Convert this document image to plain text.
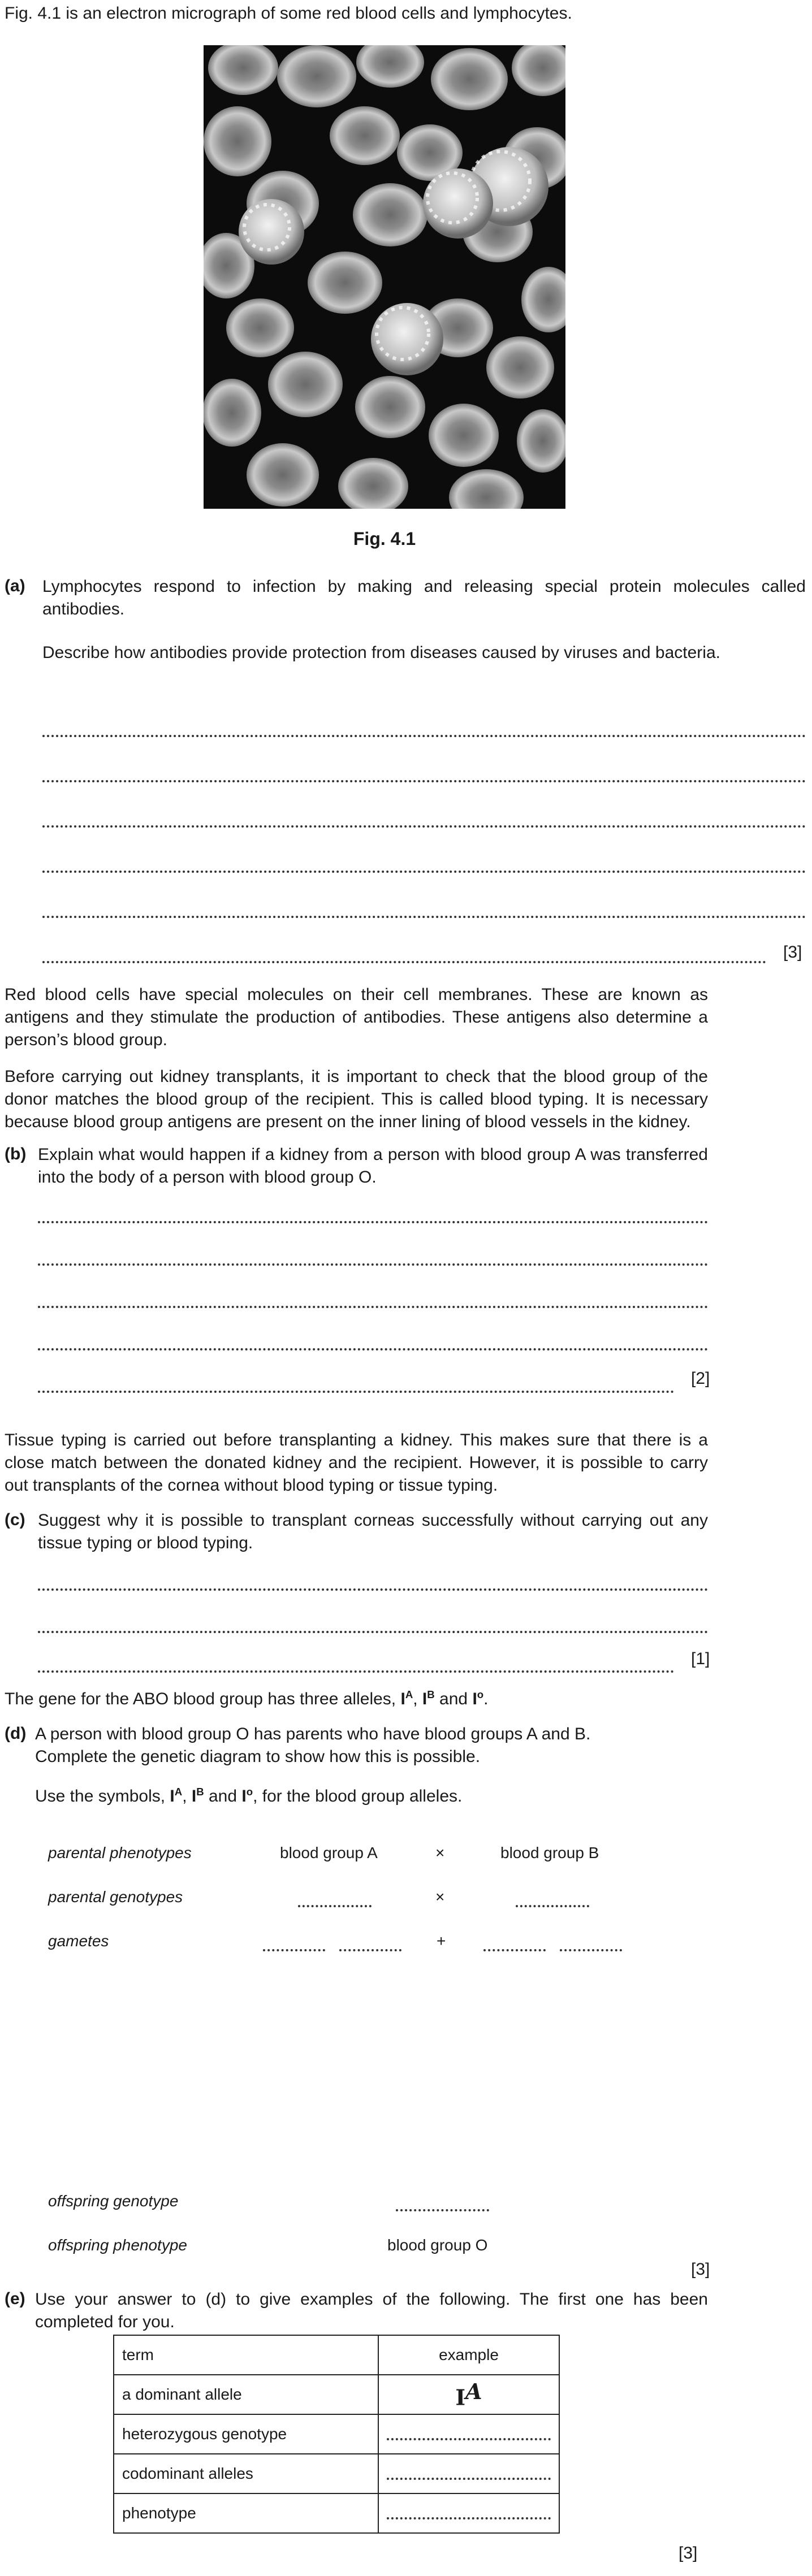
Fig. 4.1 is an electron micrograph of some red blood cells and lymphocytes.
Fig. 4.1
(a) Lymphocytes respond to infection by making and releasing special protein molecules called antibodies.
Describe how antibodies provide protection from diseases caused by viruses and bacteria.
[3]
Red blood cells have special molecules on their cell membranes. These are known as antigens and they stimulate the production of antibodies. These antigens also determine a person’s blood group.
Before carrying out kidney transplants, it is important to check that the blood group of the donor matches the blood group of the recipient. This is called blood typing. It is necessary because blood group antigens are present on the inner lining of blood vessels in the kidney.
(b) Explain what would happen if a kidney from a person with blood group A was transferred into the body of a person with blood group O.
[2]
Tissue typing is carried out before transplanting a kidney. This makes sure that there is a close match between the donated kidney and the recipient. However, it is possible to carry out transplants of the cornea without blood typing or tissue typing.
(c) Suggest why it is possible to transplant corneas successfully without carrying out any tissue typing or blood typing.
[1]
The gene for the ABO blood group has three alleles, $I^A$, $I^B$ and $I^o$.
(d) A person with blood group O has parents who have blood groups A and B.
Complete the genetic diagram to show how this is possible.
Use the symbols, $I^A$, $I^B$ and $I^o$, for the blood group alleles.
parental phenotypes	blood group A	×	blood group B
parental genotypes	×
gametes	+
offspring genotype
offspring phenotype	blood group O
[3]
(e) Use your answer to (d) to give examples of the following. The first one has been completed for you.
term	example
a dominant allele	$I^A$
heterozygous genotype	
codominant alleles	
phenotype	
[3]
